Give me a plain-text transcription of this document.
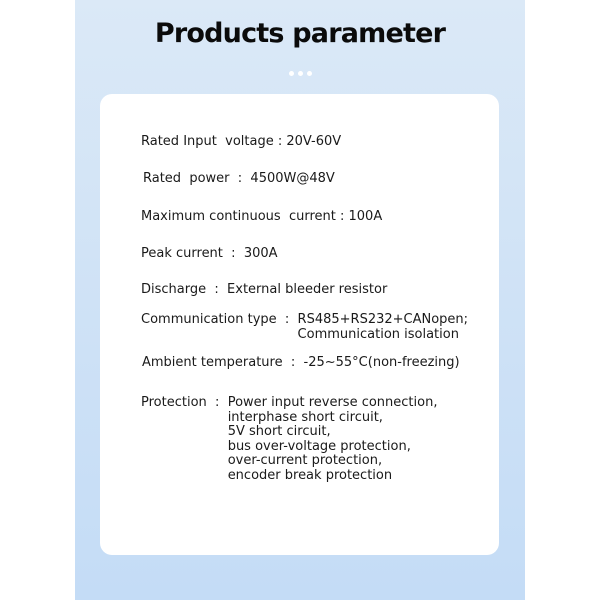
Products parameter
Rated Input  voltage : 20V-60V
Rated  power  : 4500W@48V
Maximum continuous  current : 100A
Peak current  : 300A
Discharge  : External bleeder resistor
Communication type  : RS485+RS232+CANopen;
Communication isolation
Ambient temperature  : -25~55°C(non-freezing)
Protection  : Power input reverse connection,
interphase short circuit,
5V short circuit,
bus over-voltage protection,
over-current protection,
encoder break protection
